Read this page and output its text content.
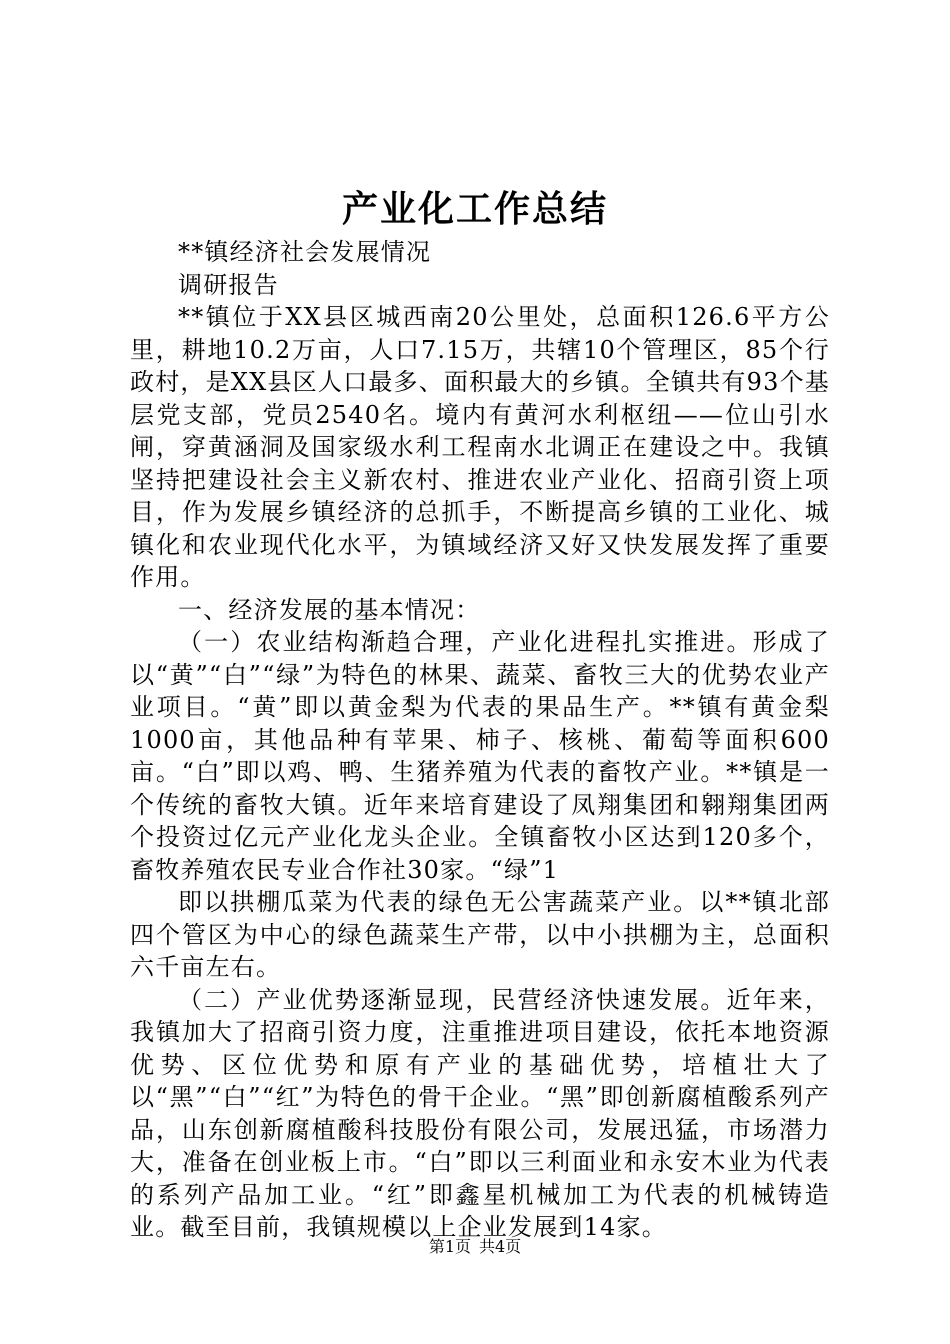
产业化工作总结

**镇经济社会发展情况

调研报告

**镇位于XX县区城西南20公里处，总面积126.6平方公里，耕地10.2万亩，人口7.15万，共辖10个管理区，85个行政村，是XX县区人口最多、面积最大的乡镇。全镇共有93个基层党支部，党员2540名。境内有黄河水利枢纽——位山引水闸，穿黄涵洞及国家级水利工程南水北调正在建设之中。我镇坚持把建设社会主义新农村、推进农业产业化、招商引资上项目，作为发展乡镇经济的总抓手，不断提高乡镇的工业化、城镇化和农业现代化水平，为镇域经济又好又快发展发挥了重要作用。

一、经济发展的基本情况：

（一）农业结构渐趋合理，产业化进程扎实推进。形成了以“黄”“白”“绿”为特色的林果、蔬菜、畜牧三大的优势农业产业项目。“黄”即以黄金梨为代表的果品生产。**镇有黄金梨1000亩，其他品种有苹果、柿子、核桃、葡萄等面积600亩。“白”即以鸡、鸭、生猪养殖为代表的畜牧产业。**镇是一个传统的畜牧大镇。近年来培育建设了凤翔集团和翱翔集团两个投资过亿元产业化龙头企业。全镇畜牧小区达到120多个，畜牧养殖农民专业合作社30家。“绿”1

即以拱棚瓜菜为代表的绿色无公害蔬菜产业。以**镇北部四个管区为中心的绿色蔬菜生产带，以中小拱棚为主，总面积六千亩左右。

（二）产业优势逐渐显现，民营经济快速发展。近年来，我镇加大了招商引资力度，注重推进项目建设，依托本地资源优势、区位优势和原有产业的基础优势，培植壮大了以“黑”“白”“红”为特色的骨干企业。“黑”即创新腐植酸系列产品，山东创新腐植酸科技股份有限公司，发展迅猛，市场潜力大，准备在创业板上市。“白”即以三利面业和永安木业为代表的系列产品加工业。“红”即鑫星机械加工为代表的机械铸造业。截至目前，我镇规模以上企业发展到14家。

第1页 共4页
